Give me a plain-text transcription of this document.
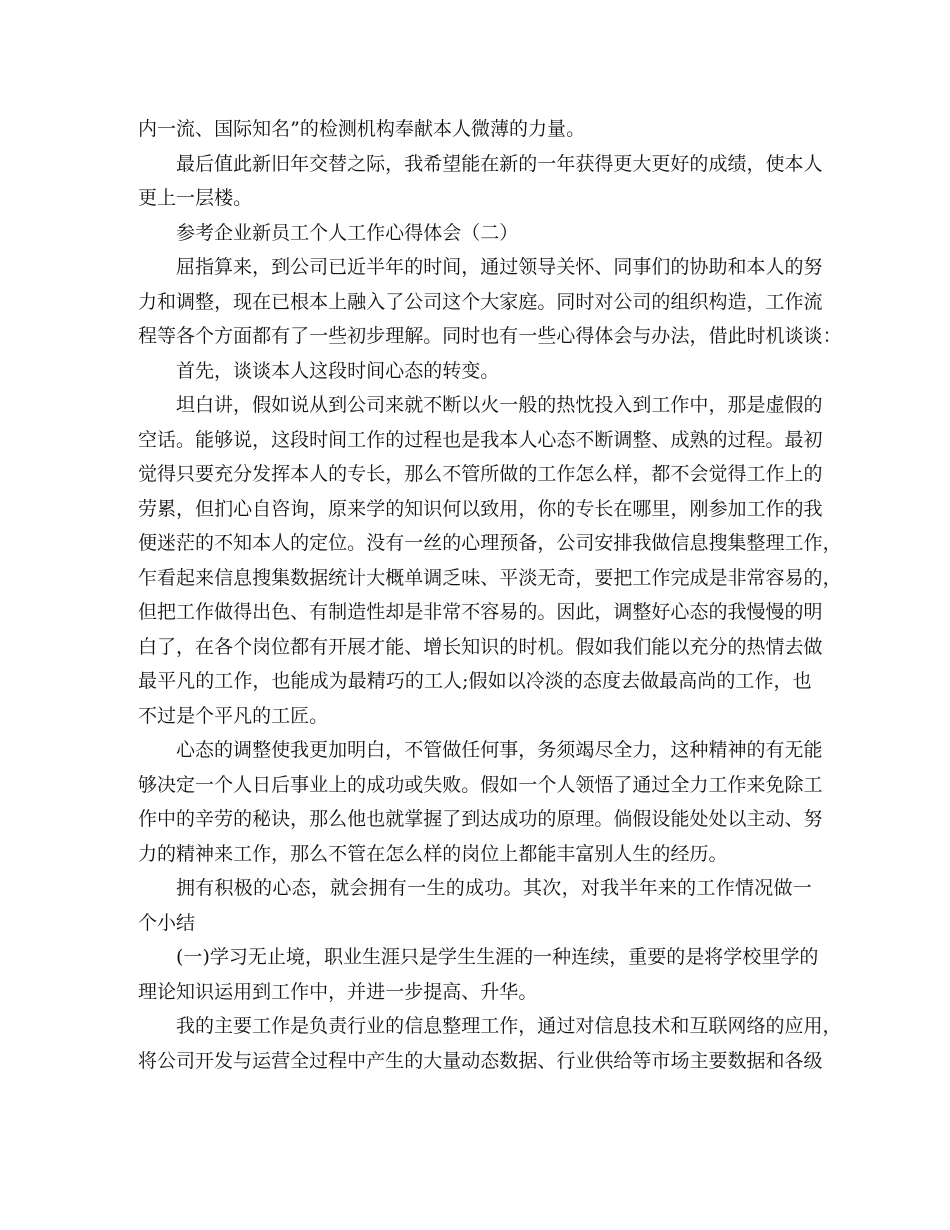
内 一 流 、 国 际 知 名 ” 的 检 测 机 构 奉 献 本 人 微 薄 的 力 量 。
最 后 值 此 新 旧 年 交 替 之 际 ， 我 希 望 能 在 新 的 一 年 获 得 更 大 更 好 的 成 绩 ， 使 本 人
更 上 一 层 楼 。
参 考 企 业 新 员 工 个 人 工 作 心 得 体 会 （ 二 ）
屈 指 算 来 ， 到 公 司 已 近 半 年 的 时 间 ， 通 过 领 导 关 怀 、 同 事 们 的 协 助 和 本 人 的 努
力 和 调 整 ， 现 在 已 根 本 上 融 入 了 公 司 这 个 大 家 庭 。 同 时 对 公 司 的 组 织 构 造 ， 工 作 流
程 等 各 个 方 面 都 有 了 一 些 初 步 理 解 。 同 时 也 有 一 些 心 得 体 会 与 办 法 ， 借 此 时 机 谈 谈 ：
首 先 ， 谈 谈 本 人 这 段 时 间 心 态 的 转 变 。
坦 白 讲 ， 假 如 说 从 到 公 司 来 就 不 断 以 火 一 般 的 热 忱 投 入 到 工 作 中 ， 那 是 虚 假 的
空 话 。 能 够 说 ， 这 段 时 间 工 作 的 过 程 也 是 我 本 人 心 态 不 断 调 整 、 成 熟 的 过 程 。 最 初
觉 得 只 要 充 分 发 挥 本 人 的 专 长 ， 那 么 不 管 所 做 的 工 作 怎 么 样 ， 都 不 会 觉 得 工 作 上 的
劳 累 ， 但 扪 心 自 咨 询 ， 原 来 学 的 知 识 何 以 致 用 ， 你 的 专 长 在 哪 里 ， 刚 参 加 工 作 的 我
便 迷 茫 的 不 知 本 人 的 定 位 。 没 有 一 丝 的 心 理 预 备 ， 公 司 安 排 我 做 信 息 搜 集 整 理 工 作 ，
乍 看 起 来 信 息 搜 集 数 据 统 计 大 概 单 调 乏 味 、 平 淡 无 奇 ， 要 把 工 作 完 成 是 非 常 容 易 的 ，
但 把 工 作 做 得 出 色 、 有 制 造 性 却 是 非 常 不 容 易 的 。 因 此 ， 调 整 好 心 态 的 我 慢 慢 的 明
白 了 ， 在 各 个 岗 位 都 有 开 展 才 能 、 增 长 知 识 的 时 机 。 假 如 我 们 能 以 充 分 的 热 情 去 做
最 平 凡 的 工 作 ， 也 能 成 为 最 精 巧 的 工 人 ; 假 如 以 冷 淡 的 态 度 去 做 最 高 尚 的 工 作 ， 也
不 过 是 个 平 凡 的 工 匠 。
心 态 的 调 整 使 我 更 加 明 白 ， 不 管 做 任 何 事 ， 务 须 竭 尽 全 力 ， 这 种 精 神 的 有 无 能
够 决 定 一 个 人 日 后 事 业 上 的 成 功 或 失 败 。 假 如 一 个 人 领 悟 了 通 过 全 力 工 作 来 免 除 工
作 中 的 辛 劳 的 秘 诀 ， 那 么 他 也 就 掌 握 了 到 达 成 功 的 原 理 。 倘 假 设 能 处 处 以 主 动 、 努
力 的 精 神 来 工 作 ， 那 么 不 管 在 怎 么 样 的 岗 位 上 都 能 丰 富 别 人 生 的 经 历 。
拥 有 积 极 的 心 态 ， 就 会 拥 有 一 生 的 成 功 。 其 次 ， 对 我 半 年 来 的 工 作 情 况 做 一
个 小 结
( 一 ) 学 习 无 止 境 ， 职 业 生 涯 只 是 学 生 生 涯 的 一 种 连 续 ， 重 要 的 是 将 学 校 里 学 的
理 论 知 识 运 用 到 工 作 中 ， 并 进 一 步 提 高 、 升 华 。
我 的 主 要 工 作 是 负 责 行 业 的 信 息 整 理 工 作 ， 通 过 对 信 息 技 术 和 互 联 网 络 的 应 用 ，
将 公 司 开 发 与 运 营 全 过 程 中 产 生 的 大 量 动 态 数 据 、 行 业 供 给 等 市 场 主 要 数 据 和 各 级
